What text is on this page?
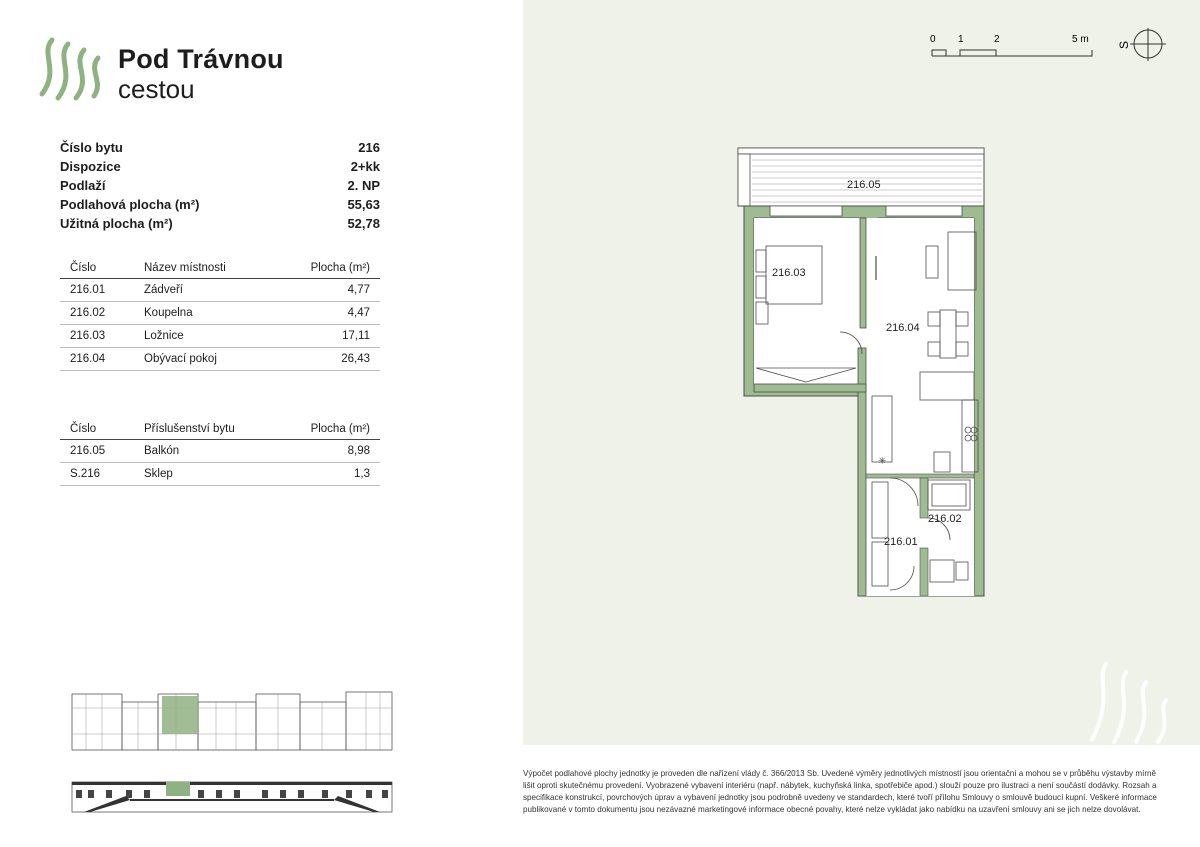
Pod Trávnou
cestou
Číslo bytu	216
Dispozice	2+kk
Podlaží	2. NP
Podlahová plocha (m²)	55,63
Užitná plocha (m²)	52,78
Číslo	Název místnosti	Plocha (m²)
216.01	Zádveří	4,77
216.02	Koupelna	4,47
216.03	Ložnice	17,11
216.04	Obývací pokoj	26,43
Číslo	Příslušenství bytu	Plocha (m²)
216.05	Balkón	8,98
S.216	Sklep	1,3
0 1	2	5 m S
✳
216.05
216.03
216.04
216.02
216.01
Výpočet podlahové plochy jednotky je proveden dle nařízení vlády č. 366/2013 Sb. Uvedené výměry jednotlivých místností jsou orientační a mohou se v průběhu výstavby mírně lišit oproti skutečnému provedení. Vyobrazené vybavení interiéru (např. nábytek, kuchyňská linka, spotřebiče apod.) slouží pouze pro ilustraci a není součástí dodávky. Rozsah a specifikace konstrukcí, povrchových úprav a vybavení jednotky jsou podrobně uvedeny ve standardech, které tvoří přílohu Smlouvy o smlouvě budoucí kupní. Veškeré informace publikované v tomto dokumentu jsou nezávazné marketingové informace obecné povahy, které nelze vykládat jako nabídku na uzavření smlouvy ani se jich nelze dovolávat.
